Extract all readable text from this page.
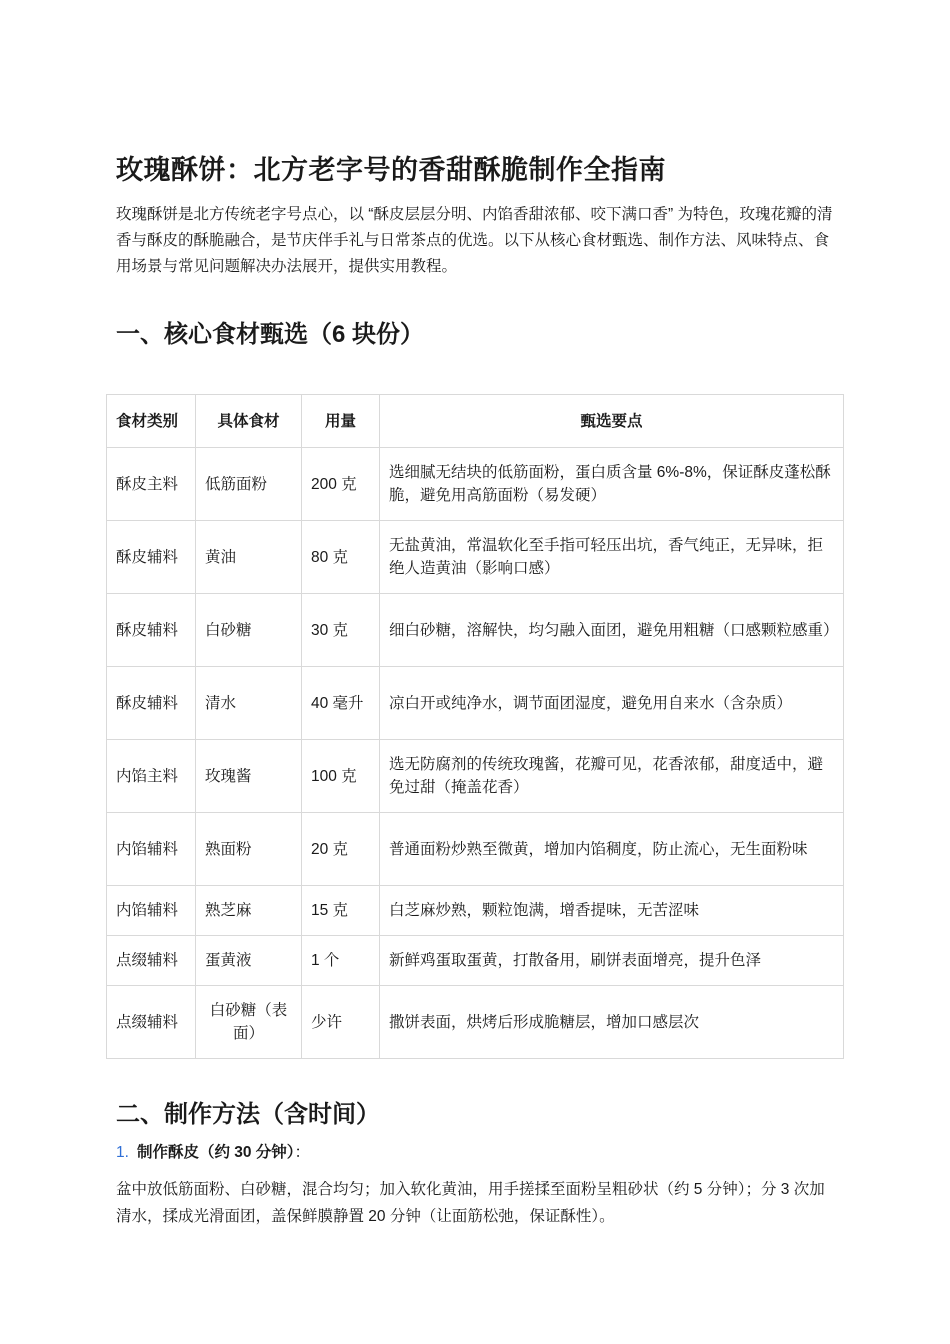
玫瑰酥饼：北方老字号的香甜酥脆制作全指南

玫瑰酥饼是北方传统老字号点心，以 “酥皮层层分明、内馅香甜浓郁、咬下满口香” 为特色，玫瑰花瓣的清香与酥皮的酥脆融合，是节庆伴手礼与日常茶点的优选。以下从核心食材甄选、制作方法、风味特点、食用场景与常见问题解决办法展开，提供实用教程。

一、核心食材甄选（6 块份）
二、制作方法（含时间）
食材类别	具体食材	用量	甄选要点
酥皮主料	低筋面粉	200 克	选细腻无结块的低筋面粉，蛋白质含量 6%-8%，保证酥皮蓬松酥脆，避免用高筋面粉（易发硬）
酥皮辅料	黄油	80 克	无盐黄油，常温软化至手指可轻压出坑，香气纯正，无异味，拒绝人造黄油（影响口感）
酥皮辅料	白砂糖	30 克	细白砂糖，溶解快，均匀融入面团，避免用粗糖（口感颗粒感重）
酥皮辅料	清水	40 毫升	凉白开或纯净水，调节面团湿度，避免用自来水（含杂质）
内馅主料	玫瑰酱	100 克	选无防腐剂的传统玫瑰酱，花瓣可见，花香浓郁，甜度适中，避免过甜（掩盖花香）
内馅辅料	熟面粉	20 克	普通面粉炒熟至微黄，增加内馅稠度，防止流心，无生面粉味
内馅辅料	熟芝麻	15 克	白芝麻炒熟，颗粒饱满，增香提味，无苦涩味
点缀辅料	蛋黄液	1 个	新鲜鸡蛋取蛋黄，打散备用，刷饼表面增亮，提升色泽
点缀辅料	白砂糖（表面）	少许	撒饼表面，烘烤后形成脆糖层，增加口感层次
1. 制作酥皮（约 30 分钟）：

盆中放低筋面粉、白砂糖，混合均匀；加入软化黄油，用手搓揉至面粉呈粗砂状（约 5 分钟）；分 3 次加清水，揉成光滑面团，盖保鲜膜静置 20 分钟（让面筋松弛，保证酥性）。
